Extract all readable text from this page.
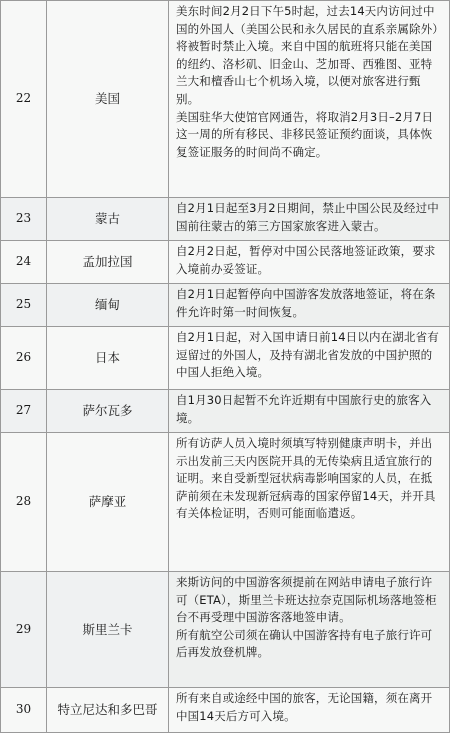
22	美国

美东时间2月2日下午5时起，过去14天内访问过中国的外国人（美国公民和永久居民的直系亲属除外）将被暂时禁止入境。来自中国的航班将只能在美国的纽约、洛杉矶、旧金山、芝加哥、西雅图、亚特兰大和檀香山七个机场入境，以便对旅客进行甄别。

美国驻华大使馆官网通告，将取消2月3日–2月7日这一周的所有移民、非移民签证预约面谈，具体恢复签证服务的时间尚不确定。

23	蒙古

自2月1日起至3月2日期间，禁止中国公民及经过中国前往蒙古的第三方国家旅客进入蒙古。

24	孟加拉国

自2月2日起，暂停对中国公民落地签证政策，要求入境前办妥签证。

25	缅甸

自2月1日起暂停向中国游客发放落地签证，将在条件允许时第一时间恢复。

26	日本

自2月1日起，对入国申请日前14日以内在湖北省有逗留过的外国人，及持有湖北省发放的中国护照的中国人拒绝入境。

27	萨尔瓦多

自1月30日起暂不允许近期有中国旅行史的旅客入境。

28	萨摩亚

所有访萨人员入境时须填写特别健康声明卡，并出示出发前三天内医院开具的无传染病且适宜旅行的证明。来自受新型冠状病毒影响国家的人员，在抵萨前须在未发现新冠病毒的国家停留14天，并开具有关体检证明，否则可能面临遣返。

29	斯里兰卡

来斯访问的中国游客须提前在网站申请电子旅行许可（ETA），斯里兰卡班达拉奈克国际机场落地签柜台不再受理中国游客落地签申请。

所有航空公司须在确认中国游客持有电子旅行许可后再发放登机牌。

30	特立尼达和多巴哥

所有来自或途经中国的旅客，无论国籍，须在离开中国14天后方可入境。
